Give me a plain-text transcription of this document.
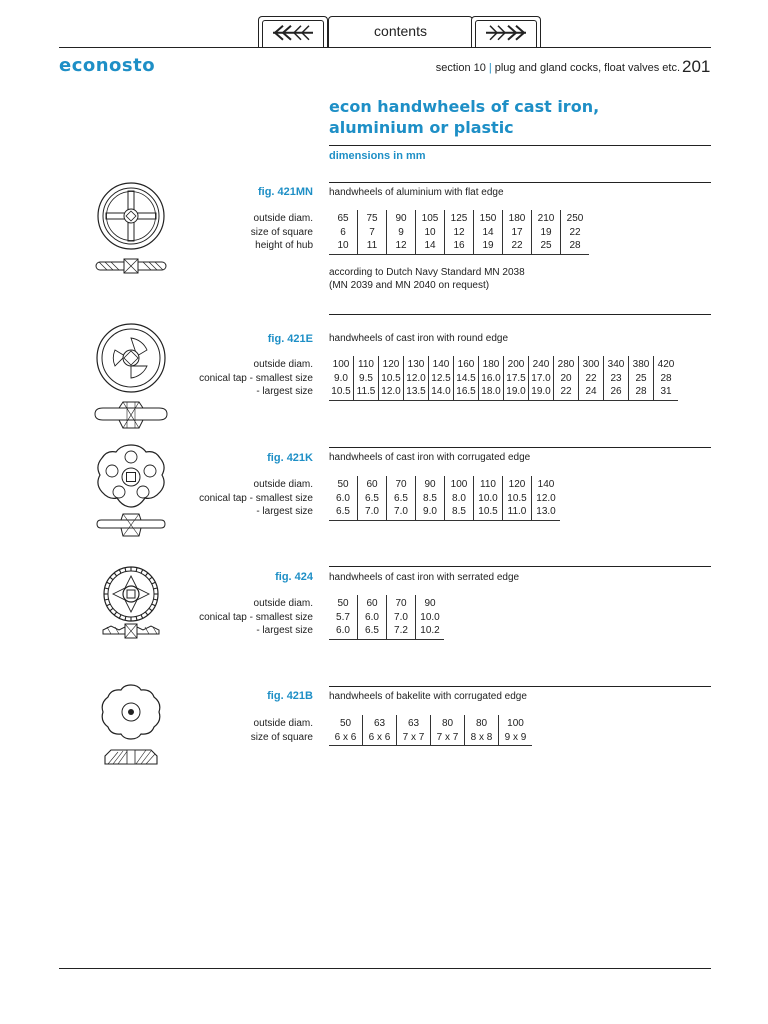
contents
econosto	section 10 | plug and gland cocks, float valves etc. 201
econ handwheels of cast iron,
aluminium or plastic
dimensions in mm
fig. 421MN handwheels of aluminium with flat edge
outside diam.
size of square
height of hub
65	75	90	105	125	150	180	210	250
6	7	9	10	12	14	17	19	22
10	11	12	14	16	19	22	25	28
according to Dutch Navy Standard MN 2038
(MN 2039 and MN 2040 on request)
fig. 421E handwheels of cast iron with round edge
outside diam.
conical tap - smallest size
- largest size
100	110	120	130	140	160	180	200	240	280	300	340	380	420
9.0	9.5	10.5	12.0	12.5	14.5	16.0	17.5	17.0	20	22	23	25	28
10.5	11.5	12.0	13.5	14.0	16.5	18.0	19.0	19.0	22	24	26	28	31
fig. 421K handwheels of cast iron with corrugated edge
outside diam.
conical tap - smallest size
- largest size
50	60	70	90	100	110	120	140
6.0	6.5	6.5	8.5	8.0	10.0	10.5	12.0
6.5	7.0	7.0	9.0	8.5	10.5	11.0	13.0
fig. 424 handwheels of cast iron with serrated edge
outside diam.
conical tap - smallest size
- largest size
50	60	70	90
5.7	6.0	7.0	10.0
6.0	6.5	7.2	10.2
fig. 421B handwheels of bakelite with corrugated edge
outside diam.
size of square
50	63	63	80	80	100
6 x 6	6 x 6	7 x 7	7 x 7	8 x 8	9 x 9
